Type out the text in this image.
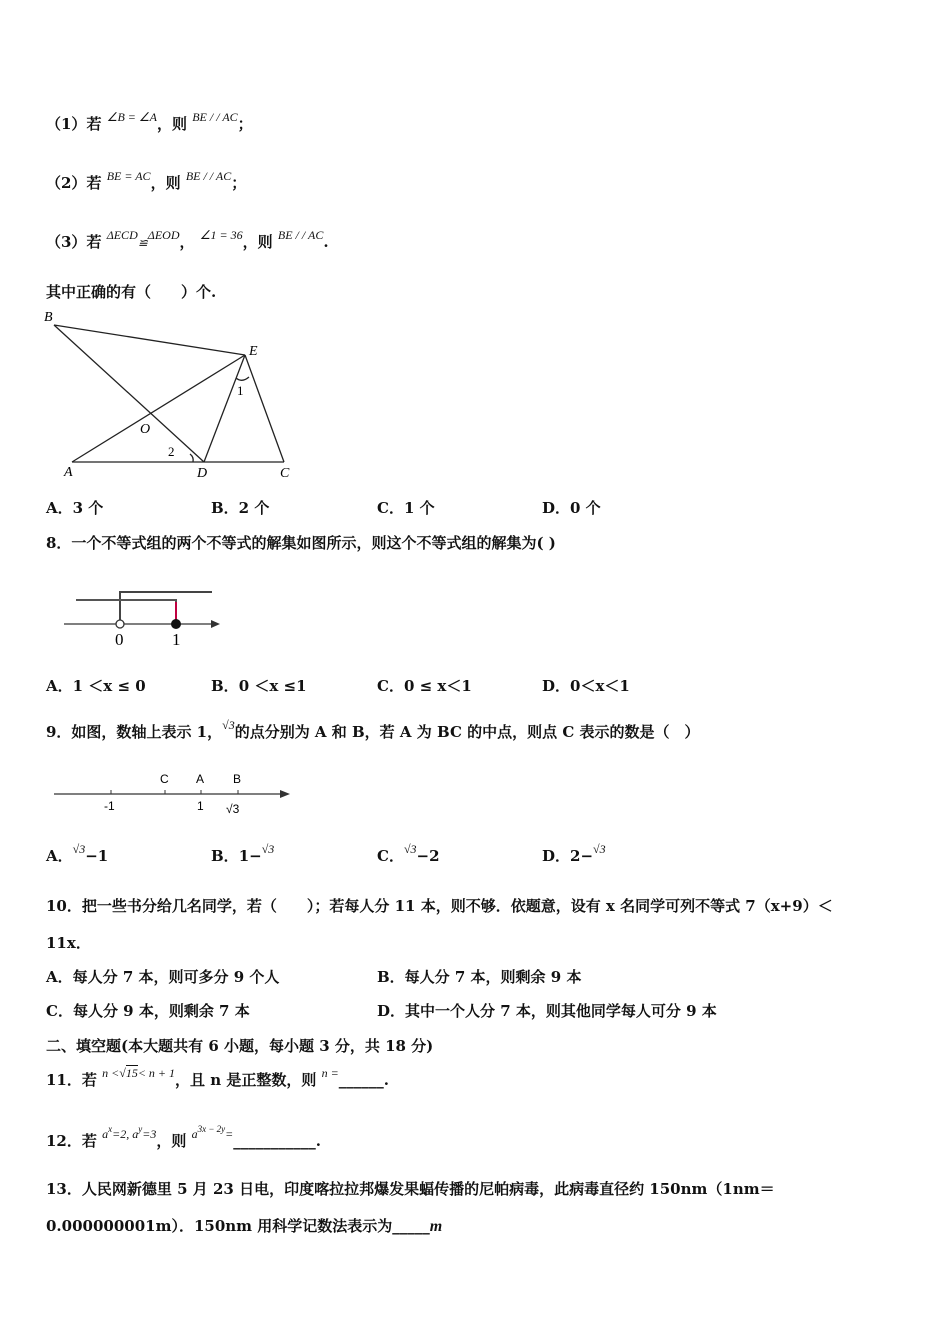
（1）若 $^{\angle B = \angle A}$，则 $^{BE / / AC}$；
（2）若 $^{BE = AC}$，则 $^{BE / / AC}$；
（3）若 $^{\Delta ECD}$≌$^{\Delta EOD}$， $^{\angle 1 = 36}$，则 $^{BE / / AC}$.
其中正确的有（　　）个.
B
E
O
A	D	C
1
2
A．3 个	B．2 个	C．1 个	D．0 个
8．一个不等式组的两个不等式的解集如图所示，则这个不等式组的解集为( )
0	1
A．1 ＜x ≤ 0	B．0 ＜x ≤1	C．0 ≤ x＜1	D．0＜x＜1
9．如图，数轴上表示 1，$^{√3}$的点分别为 A 和 B，若 A 为 BC 的中点，则点 C 表示的数是（　）
C A B
-1	1 √3
A．$^{√3}$−1	B．1−$^{√3}$	C．$^{√3}$−2	D．2−$^{√3}$
10．把一些书分给几名同学，若（　　）；若每人分 11 本，则不够．依题意，设有 x 名同学可列不等式 7（x+9）＜
11x．
A．每人分 7 本，则可多分 9 个人	B．每人分 7 本，则剩余 9 本
C．每人分 9 本，则剩余 7 本	D．其中一个人分 7 本，则其他同学每人可分 9 本
二、填空题(本大题共有 6 小题，每小题 3 分，共 18 分)
11．若 $^{n <√15< n + 1}$，且 n 是正整数，则 $^{n =}$______.
12．若 $^{ax=2, ay=3}$，则 $^{a3x - 2y=}$___________.
13．人民网新德里 5 月 23 日电，印度喀拉拉邦爆发果蝠传播的尼帕病毒，此病毒直径约 150nm（1nm＝
0.000000001m）．150nm 用科学记数法表示为_____m
